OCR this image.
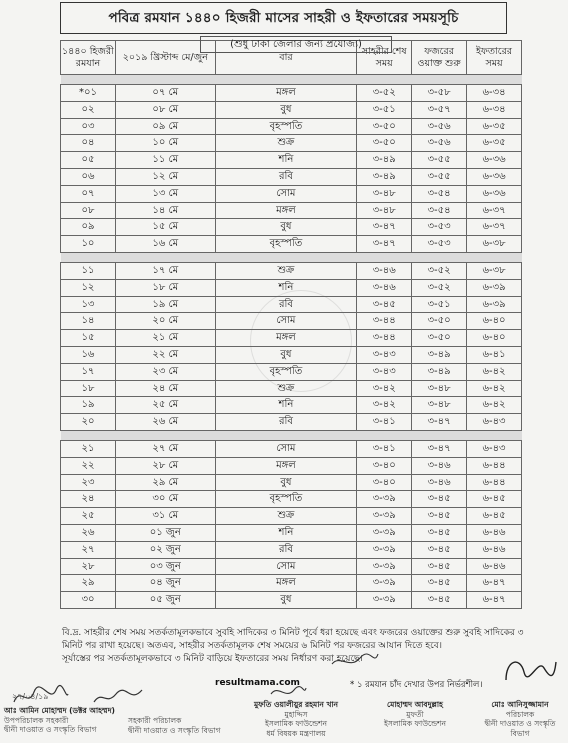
পবিত্র রমযান ১৪৪০ হিজরী মাসের সাহরী ও ইফতারের সময়সূচি
১৪৪০ হিজরী রমযান	২০১৯ খ্রিস্টাব্দ মে/জুন	বার	সাহরীর শেষ সময়	ফজরের ওয়াক্ত শুরু	ইফতারের সময়

*০১	০৭ মে	মঙ্গল	৩-৫২	৩-৫৮	৬-৩৪
০২	০৮ মে	বুধ	৩-৫১	৩-৫৭	৬-৩৪
০৩	০৯ মে	বৃহস্পতি	৩-৫০	৩-৫৬	৬-৩৫
০৪	১০ মে	শুক্র	৩-৫০	৩-৫৬	৬-৩৫
০৫	১১ মে	শনি	৩-৪৯	৩-৫৫	৬-৩৬
০৬	১২ মে	রবি	৩-৪৯	৩-৫৫	৬-৩৬
০৭	১৩ মে	সোম	৩-৪৮	৩-৫৪	৬-৩৬
০৮	১৪ মে	মঙ্গল	৩-৪৮	৩-৫৪	৬-৩৭
০৯	১৫ মে	বুধ	৩-৪৭	৩-৫৩	৬-৩৭
১০	১৬ মে	বৃহস্পতি	৩-৪৭	৩-৫৩	৬-৩৮

১১	১৭ মে	শুক্র	৩-৪৬	৩-৫২	৬-৩৮
১২	১৮ মে	শনি	৩-৪৬	৩-৫২	৬-৩৯
১৩	১৯ মে	রবি	৩-৪৫	৩-৫১	৬-৩৯
১৪	২০ মে	সোম	৩-৪৪	৩-৫০	৬-৪০
১৫	২১ মে	মঙ্গল	৩-৪৪	৩-৫০	৬-৪০
১৬	২২ মে	বুধ	৩-৪৩	৩-৪৯	৬-৪১
১৭	২৩ মে	বৃহস্পতি	৩-৪৩	৩-৪৯	৬-৪২
১৮	২৪ মে	শুক্র	৩-৪২	৩-৪৮	৬-৪২
১৯	২৫ মে	শনি	৩-৪২	৩-৪৮	৬-৪২
২০	২৬ মে	রবি	৩-৪১	৩-৪৭	৬-৪৩

২১	২৭ মে	সোম	৩-৪১	৩-৪৭	৬-৪৩
২২	২৮ মে	মঙ্গল	৩-৪০	৩-৪৬	৬-৪৪
২৩	২৯ মে	বুধ	৩-৪০	৩-৪৬	৬-৪৪
২৪	৩০ মে	বৃহস্পতি	৩-৩৯	৩-৪৫	৬-৪৫
২৫	৩১ মে	শুক্র	৩-৩৯	৩-৪৫	৬-৪৫
২৬	০১ জুন	শনি	৩-৩৯	৩-৪৫	৬-৪৬
২৭	০২ জুন	রবি	৩-৩৯	৩-৪৫	৬-৪৬
২৮	০৩ জুন	সোম	৩-৩৯	৩-৪৫	৬-৪৬
২৯	০৪ জুন	মঙ্গল	৩-৩৯	৩-৪৫	৬-৪৭
৩০	০৫ জুন	বুধ	৩-৩৯	৩-৪৫	৬-৪৭
(শুধু ঢাকা জেলার জন্য প্রযোজ্য)
বি.দ্র. সাহরীর শেষ সময় সতর্কতামূলকভাবে সুবহি সাদিকের ৩ মিনিট পূর্বে ধরা হয়েছে এবং ফজরের ওয়াক্তের শুরু সুবহি সাদিকের ৩ মিনিট পর রাখা হয়েছে। অতএব, সাহরীর সতর্কতামূলক শেষ সময়ের ৬ মিনিট পর ফজরের আযান দিতে হবে।
সূর্যাস্তের পর সতর্কতামূলকভাবে ৩ মিনিট বাড়িয়ে ইফতারের সময় নির্ধারণ করা হয়েছে।
resultmama.com	* ১ রমযান চাঁদ দেখার উপর নির্ভরশীল।
২৭/০৪/১৯
আঃ আমিন মোহাম্মদ (ডক্টর আহম্মদ)
উপপরিচালক সহকারী
দ্বীনী দাওয়াত ও সংস্কৃতি বিভাগ
সহকারী পরিচালক
দ্বীনী দাওয়াত ও সংস্কৃতি বিভাগ
মুফতি ওয়ালীয়ুর রহমান খান
মুহাদ্দিস
ইসলামিক ফাউন্ডেশন
ধর্ম বিষয়ক মন্ত্রণালয়
মোহাম্মদ আবদুল্লাহ
মুফতী
ইসলামিক ফাউন্ডেশন
মোঃ আনিসুজ্জামান
পরিচালক
দ্বীনী দাওয়াত ও সংস্কৃতি বিভাগ
